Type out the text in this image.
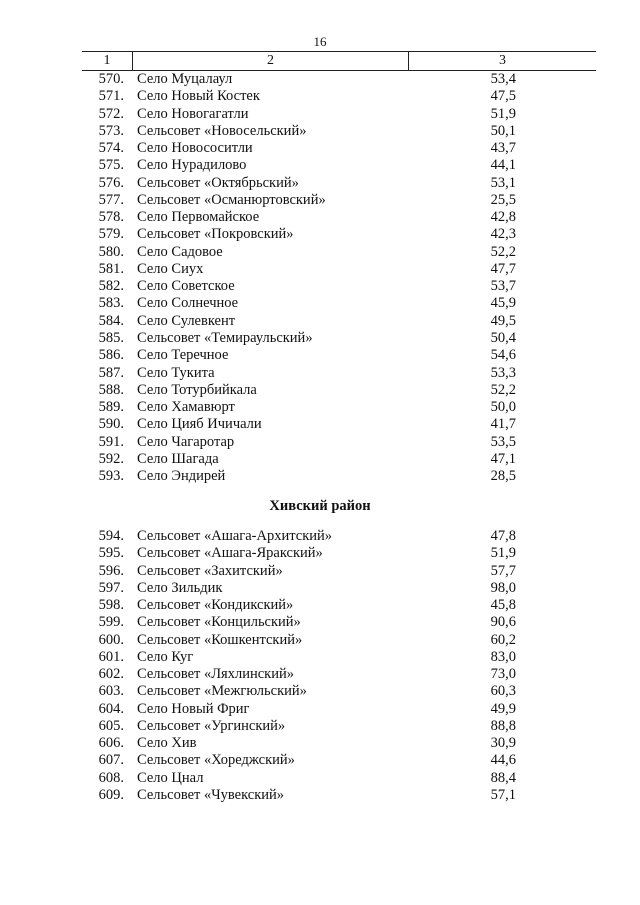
16
1	2	3
570. Село Муцалаул	53,4
571. Село Новый Костек	47,5
572. Село Новогагатли	51,9
573. Сельсовет «Новосельский»	50,1
574. Село Новососитли	43,7
575. Село Нурадилово	44,1
576. Сельсовет «Октябрьский»	53,1
577. Сельсовет «Османюртовский»	25,5
578. Село Первомайское	42,8
579. Сельсовет «Покровский»	42,3
580. Село Садовое	52,2
581. Село Сиух	47,7
582. Село Советское	53,7
583. Село Солнечное	45,9
584. Село Сулевкент	49,5
585. Сельсовет «Темираульский»	50,4
586. Село Теречное	54,6
587. Село Тукита	53,3
588. Село Тотурбийкала	52,2
589. Село Хамавюрт	50,0
590. Село Цияб Ичичали	41,7
591. Село Чагаротар	53,5
592. Село Шагада	47,1
593. Село Эндирей	28,5
Хивский район
594. Сельсовет «Ашага-Архитский»	47,8
595. Сельсовет «Ашага-Яракский»	51,9
596. Сельсовет «Захитский»	57,7
597. Село Зильдик	98,0
598. Сельсовет «Кондикский»	45,8
599. Сельсовет «Концильский»	90,6
600. Сельсовет «Кошкентский»	60,2
601. Село Куг	83,0
602. Сельсовет «Ляхлинский»	73,0
603. Сельсовет «Межгюльский»	60,3
604. Село Новый Фриг	49,9
605. Сельсовет «Ургинский»	88,8
606. Село Хив	30,9
607. Сельсовет «Хореджский»	44,6
608. Село Цнал	88,4
609. Сельсовет «Чувекский»	57,1
